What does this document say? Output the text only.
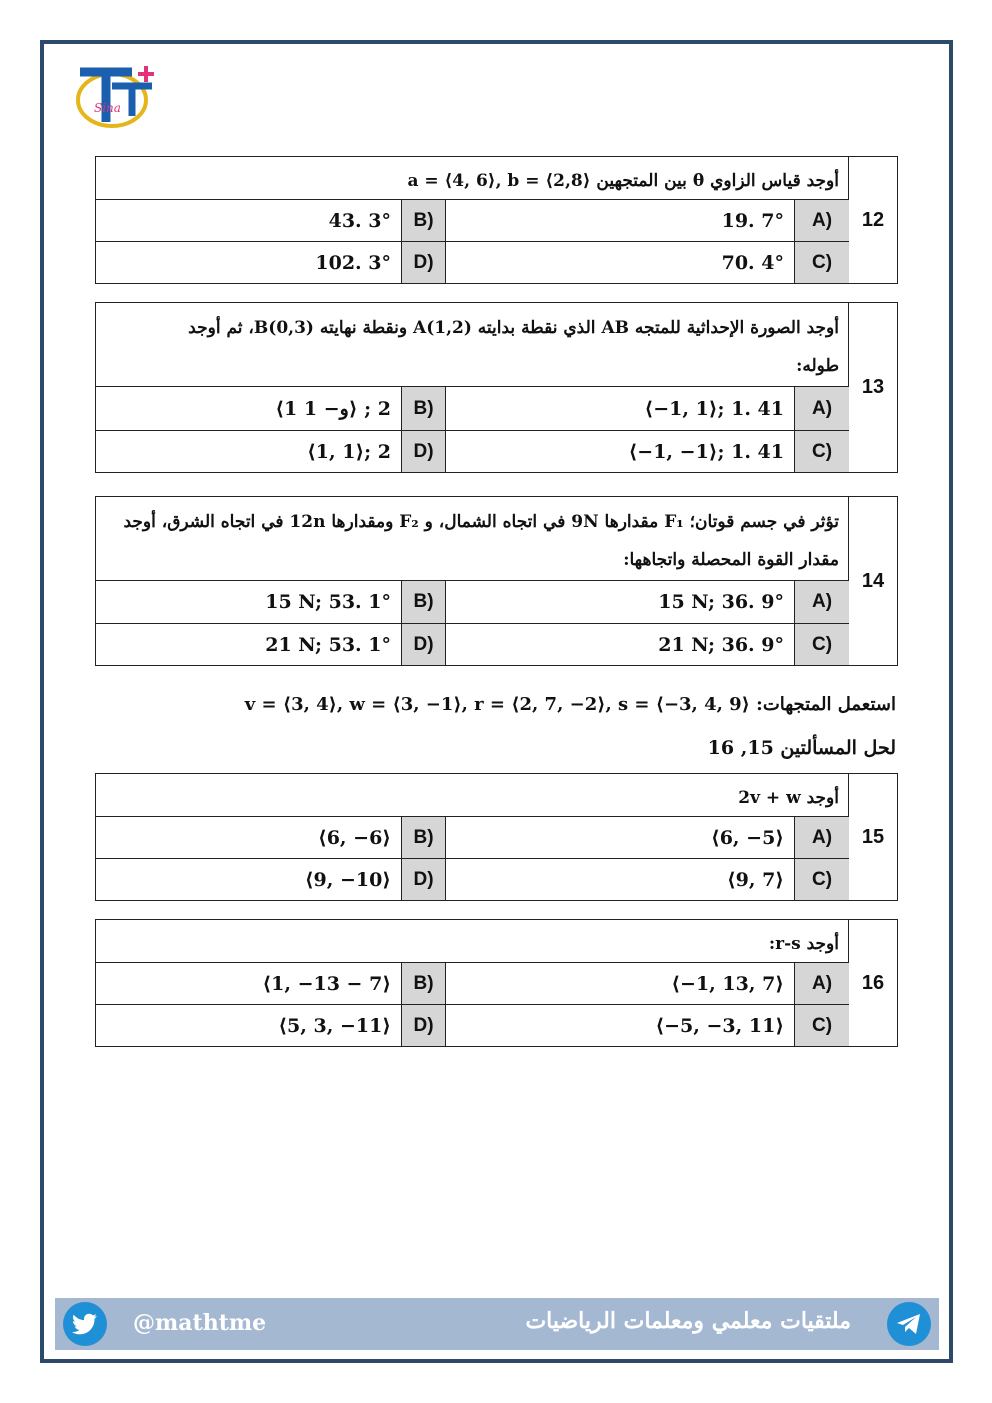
Sina
12
أوجد قياس الزاوي θ بين المتجهين ⟨2,8⟩ = a = ⟨4, 6⟩, b
19. 7°	A)
43. 3°	B)
70. 4°	C)
102. 3°	D)
13
أوجد الصورة الإحداثية للمتجه AB الذي نقطة بدايته A(1,2) ونقطة نهايته B(0,3)، ثم أوجد
طوله:
⟨−1, 1⟩; 1. 41	A)
⟨1 و− 1⟩ ; 2	B)
⟨−1, −1⟩; 1. 41	C)
⟨1, 1⟩; 2	D)
14
تؤثر في جسم قوتان؛ F₁ مقدارها 9N في اتجاه الشمال، و F₂ ومقدارها 12n في اتجاه الشرق، أوجد
مقدار القوة المحصلة واتجاهها:
15 N; 36. 9°	A)
15 N; 53. 1°	B)
21 N; 36. 9°	C)
21 N; 53. 1°	D)
استعمل المتجهات: v = ⟨3, 4⟩, w = ⟨3, −1⟩, r = ⟨2, 7, −2⟩, s = ⟨−3, 4, 9⟩
لحل المسألتين 15, 16
15
أوجد 2v + w
⟨6, −5⟩	A)
⟨6, −6⟩	B)
⟨9, 7⟩	C)
⟨9, −10⟩	D)
16
أوجد r-s:
⟨−1, 13, 7⟩	A)
⟨1, −13 − 7⟩	B)
⟨−5, −3, 11⟩	C)
⟨5, 3, −11⟩	D)
@mathtme	ملتقيات معلمي ومعلمات الرياضيات
